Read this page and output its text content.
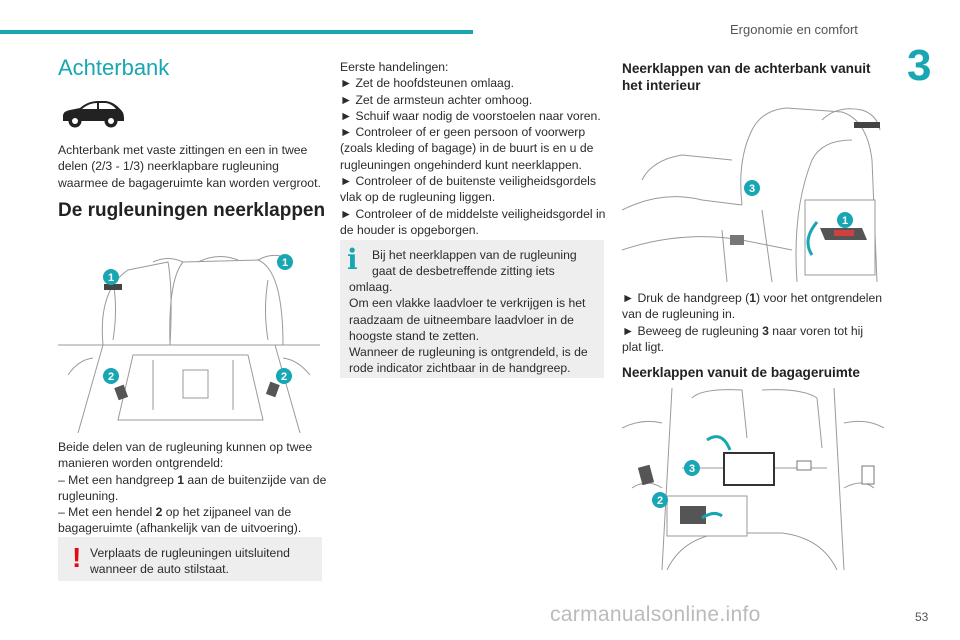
Ergonomie en comfort
3
Achterbank
Achterbank met vaste zittingen en een in twee delen (2/3 - 1/3) neerklapbare rugleuning waarmee de bagageruimte kan worden vergroot.
De rugleuningen neerklappen
1
1
2	2

Beide delen van de rugleuning kunnen op twee manieren worden ontgrendeld:

– Met een handgreep 1 aan de buitenzijde van de rugleuning.

– Met een hendel 2 op het zijpaneel van de bagageruimte (afhankelijk van de uitvoering).

! Verplaats de rugleuningen uitsluitend wanneer de auto stilstaat.

Eerste handelingen:

► Zet de hoofdsteunen omlaag.

► Zet de armsteun achter omhoog.

► Schuif waar nodig de voorstoelen naar voren.

► Controleer of er geen persoon of voorwerp (zoals kleding of bagage) in de buurt is en u de rugleuningen ongehinderd kunt neerklappen.

► Controleer of de buitenste veiligheidsgordels vlak op de rugleuning liggen.

► Controleer of de middelste veiligheidsgordel in de houder is opgeborgen.

i Bij het neerklappen van de rugleuning gaat de desbetreffende zitting iets

omlaag.

Om een vlakke laadvloer te verkrijgen is het raadzaam de uitneembare laadvloer in de hoogste stand te zetten.

Wanneer de rugleuning is ontgrendeld, is de rode indicator zichtbaar in de handgreep.

Neerklappen van de achterbank vanuit het interieur
3
1

► Druk de handgreep (1) voor het ontgrendelen van de rugleuning in.

► Beweeg de rugleuning 3 naar voren tot hij plat ligt.

Neerklappen vanuit de bagageruimte
3
2
carmanualsonline.info	53
